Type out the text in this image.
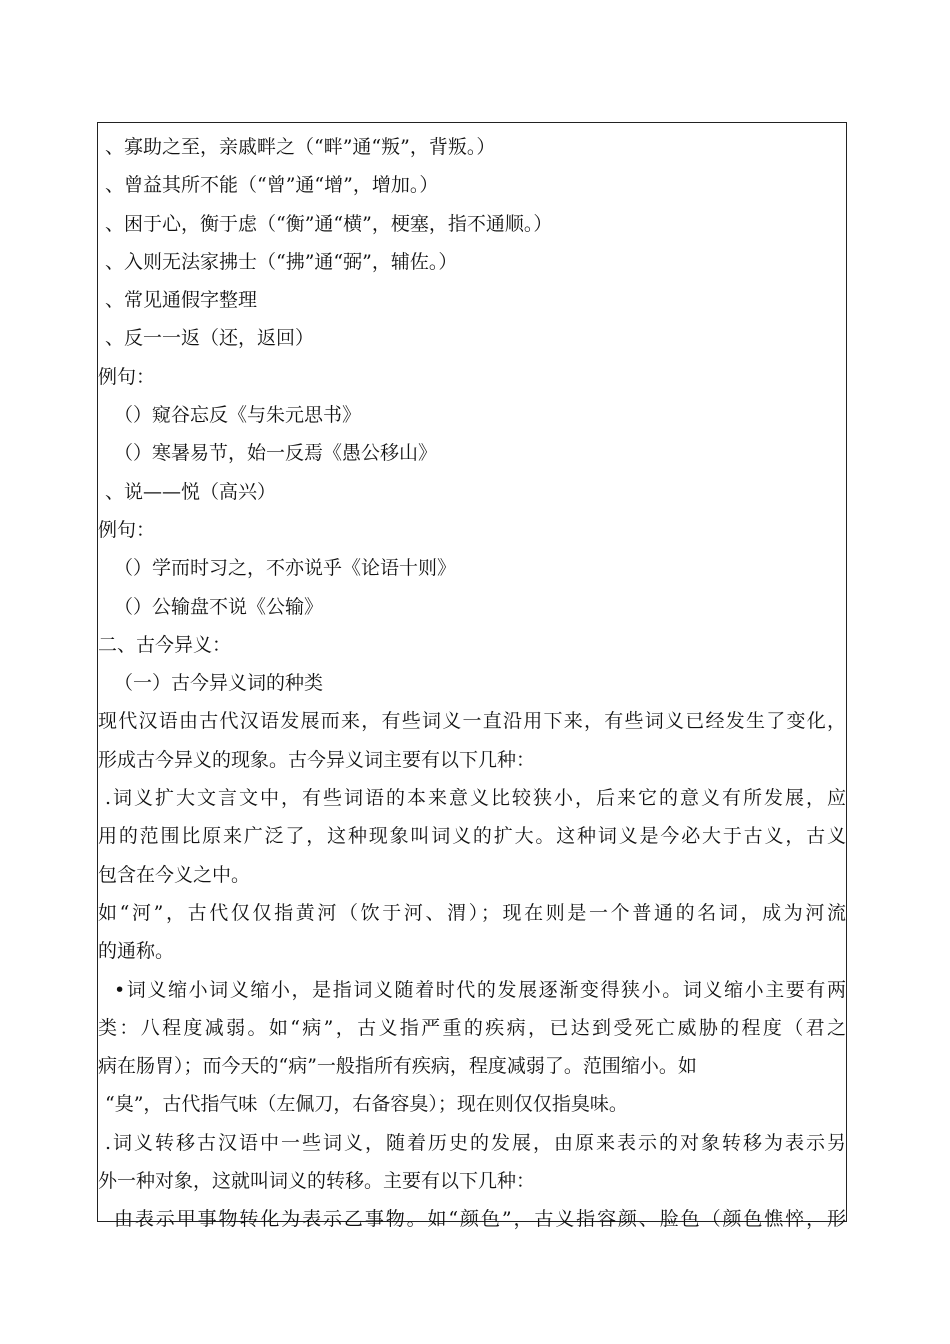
、寡助之至，亲戚畔之（“畔”通“叛”，背叛。）
、曾益其所不能（“曾”通“增”，增加。）
、困于心，衡于虑（“衡”通“横”，梗塞，指不通顺。）
、入则无法家拂士（“拂”通“弼”，辅佐。）
、常见通假字整理
、反一一返（还，返回）
例句：
（）窥谷忘反《与朱元思书》
（）寒暑易节，始一反焉《愚公移山》
、说——悦（高兴）
例句：
（）学而时习之，不亦说乎《论语十则》
（）公输盘不说《公输》
二、古今异义：
（一）古今异义词的种类
现代汉语由古代汉语发展而来，有些词义一直沿用下来，有些词义已经发生了变化，
形成古今异义的现象。古今异义词主要有以下几种：
.词义扩大文言文中，有些词语的本来意义比较狭小，后来它的意义有所发展，应
用的范围比原来广泛了，这种现象叫词义的扩大。这种词义是今必大于古义，古义
包含在今义之中。
如“河”，古代仅仅指黄河（饮于河、渭）；现在则是一个普通的名词，成为河流
的通称。
•词义缩小词义缩小，是指词义随着时代的发展逐渐变得狭小。词义缩小主要有两
类：八程度减弱。如“病”，古义指严重的疾病，已达到受死亡威胁的程度（君之
病在肠胃）；而今天的“病”一般指所有疾病，程度减弱了。范围缩小。如
“臭”，古代指气味（左佩刀，右备容臭）；现在则仅仅指臭味。
.词义转移古汉语中一些词义，随着历史的发展，由原来表示的对象转移为表示另
外一种对象，这就叫词义的转移。主要有以下几种：
由表示甲事物转化为表示乙事物。如“颜色”，古义指容颜、脸色（颜色憔悴，形
